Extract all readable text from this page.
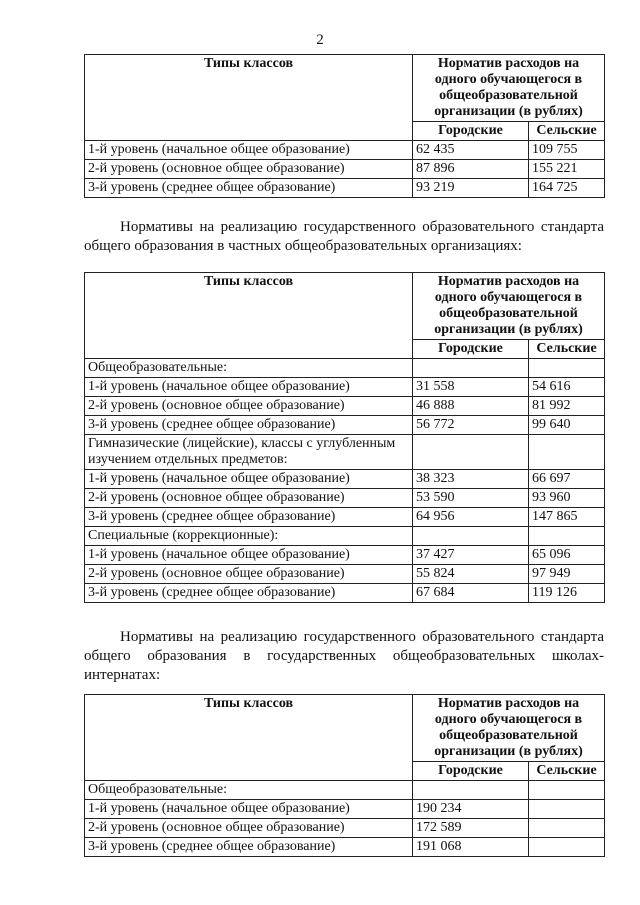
2
Типы классов	Норматив расходов на одного обучающегося в общеобразовательной организации (в рублях)	
	Городские	Сельские
1-й уровень (начальное общее образование)	62 435	109 755
2-й уровень (основное общее образование)	87 896	155 221
3-й уровень (среднее общее образование)	93 219	164 725

Нормативы на реализацию государственного образовательного стандарта общего образования в частных общеобразовательных организациях:

Типы классов	Норматив расходов на одного обучающегося в общеобразовательной организации (в рублях)	
	Городские	Сельские
Общеобразовательные:		
1-й уровень (начальное общее образование)	31 558	54 616
2-й уровень (основное общее образование)	46 888	81 992
3-й уровень (среднее общее образование)	56 772	99 640
Гимназические (лицейские), классы с углубленным изучением отдельных предметов:		
1-й уровень (начальное общее образование)	38 323	66 697
2-й уровень (основное общее образование)	53 590	93 960
3-й уровень (среднее общее образование)	64 956	147 865
Специальные (коррекционные):		
1-й уровень (начальное общее образование)	37 427	65 096
2-й уровень (основное общее образование)	55 824	97 949
3-й уровень (среднее общее образование)	67 684	119 126

Нормативы на реализацию государственного образовательного стандарта общего образования в государственных общеобразовательных школах-интернатах:

Типы классов	Норматив расходов на одного обучающегося в общеобразовательной организации (в рублях)	
	Городские	Сельские
Общеобразовательные:		
1-й уровень (начальное общее образование)	190 234	
2-й уровень (основное общее образование)	172 589	
3-й уровень (среднее общее образование)	191 068	
